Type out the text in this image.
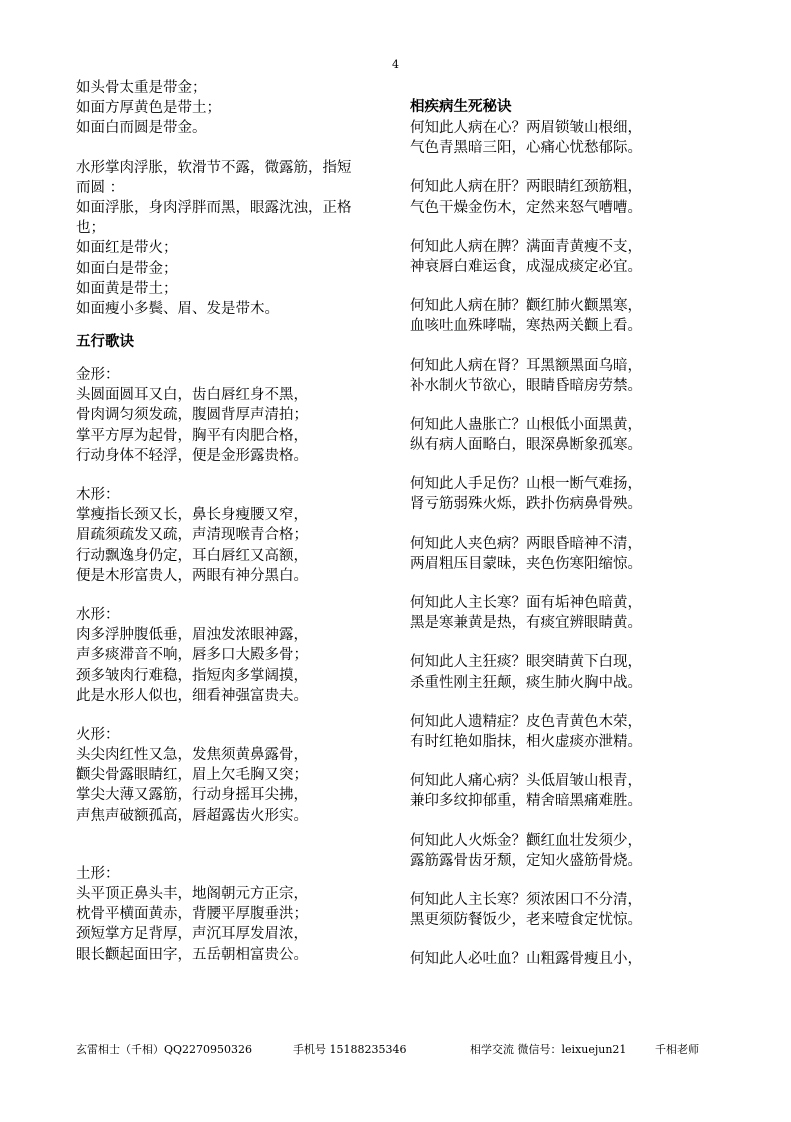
4
如头骨太重是带金；
如面方厚黄色是带土；
如面白而圆是带金。
水形掌肉浮胀，软滑节不露，微露筋，指短
而圆 ：
如面浮胀，身肉浮胖而黑，眼露沈浊，正格
也；
如面红是带火；
如面白是带金；
如面黄是带土；
如面瘦小多鬓、眉、发是带木。
五行歌诀
金形：
头圆面圆耳又白，齿白唇红身不黑，
骨肉调匀须发疏，腹圆背厚声清拍；
掌平方厚为起骨，胸平有肉肥合格，
行动身体不轻浮，便是金形露贵格。
木形：
掌瘦指长颈又长，鼻长身瘦腰又窄，
眉疏须疏发又疏，声清现喉青合格；
行动飘逸身仍定，耳白唇红又高额，
便是木形富贵人，两眼有神分黑白。
水形：
肉多浮肿腹低垂，眉浊发浓眼神露，
声多痰滞音不响，唇多口大殿多骨；
颈多皱肉行难稳，指短肉多掌阔摸，
此是水形人似也，细看神强富贵夫。
火形：
头尖肉红性又急，发焦须黄鼻露骨，
颧尖骨露眼睛红，眉上欠毛胸又突；
掌尖大薄又露筋，行动身摇耳尖拂，
声焦声破额孤高，唇超露齿火形实。
土形：
头平顶正鼻头丰，地阁朝元方正宗，
枕骨平横面黄赤，背腰平厚腹垂洪；
颈短掌方足背厚，声沉耳厚发眉浓，
眼长颧起面田字，五岳朝相富贵公。
相疾病生死秘诀
何知此人病在心？两眉锁皱山根细，
气色青黑暗三阳，心痛心忧愁郁际。
何知此人病在肝？两眼睛红颈筋粗，
气色干燥金伤木，定然来怒气嘈嘈。
何知此人病在脾？满面青黄瘦不支，
神衰唇白难运食，成湿成痰定必宜。
何知此人病在肺？颧红肺火颧黑寒，
血咳吐血殊哮喘，寒热两关颧上看。
何知此人病在肾？耳黑额黑面乌暗，
补水制火节欲心，眼睛昏暗房劳禁。
何知此人蛊胀亡？山根低小面黑黄，
纵有病人面略白，眼深鼻断象孤寒。
何知此人手足伤？山根一断气难扬，
肾亏筋弱殊火烁，跌扑伤病鼻骨殃。
何知此人夹色病？两眼昏暗神不清，
两眉粗压目蒙昧，夹色伤寒阳缩惊。
何知此人主长寒？面有垢神色暗黄，
黑是寒兼黄是热，有痰宜辨眼睛黄。
何知此人主狂痰？眼突睛黄下白现，
杀重性刚主狂颠，痰生肺火胸中战。
何知此人遗精症？皮色青黄色木荣，
有时红艳如脂抹，相火虚痰亦泄精。
何知此人痛心病？头低眉皱山根青，
兼印多纹抑郁重，精舍暗黑痛难胜。
何知此人火烁金？颧红血壮发须少，
露筋露骨齿牙颓，定知火盛筋骨烧。
何知此人主长寒？须浓困口不分清，
黑更须防餐饭少，老来噎食定忧惊。
何知此人必吐血？山粗露骨瘦且小，
玄雷相士（千相）QQ2270950326	手机号 15188235346	相学交流 微信号：leixuejun21	千相老师
